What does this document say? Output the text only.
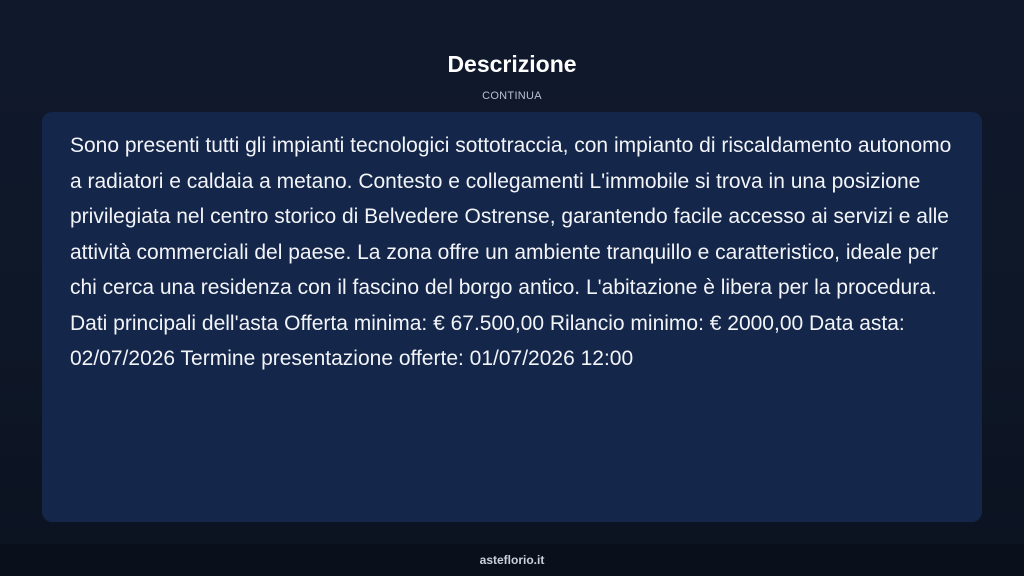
Descrizione
CONTINUA

Sono presenti tutti gli impianti tecnologici sottotraccia, con impianto di riscaldamento autonomo a radiatori e caldaia a metano. Contesto e collegamenti L'immobile si trova in una posizione privilegiata nel centro storico di Belvedere Ostrense, garantendo facile accesso ai servizi e alle attività commerciali del paese. La zona offre un ambiente tranquillo e caratteristico, ideale per chi cerca una residenza con il fascino del borgo antico. L'abitazione è libera per la procedura. Dati principali dell'asta Offerta minima: € 67.500,00 Rilancio minimo: € 2000,00 Data asta: 02/07/2026 Termine presentazione offerte: 01/07/2026 12:00

asteflorio.it
